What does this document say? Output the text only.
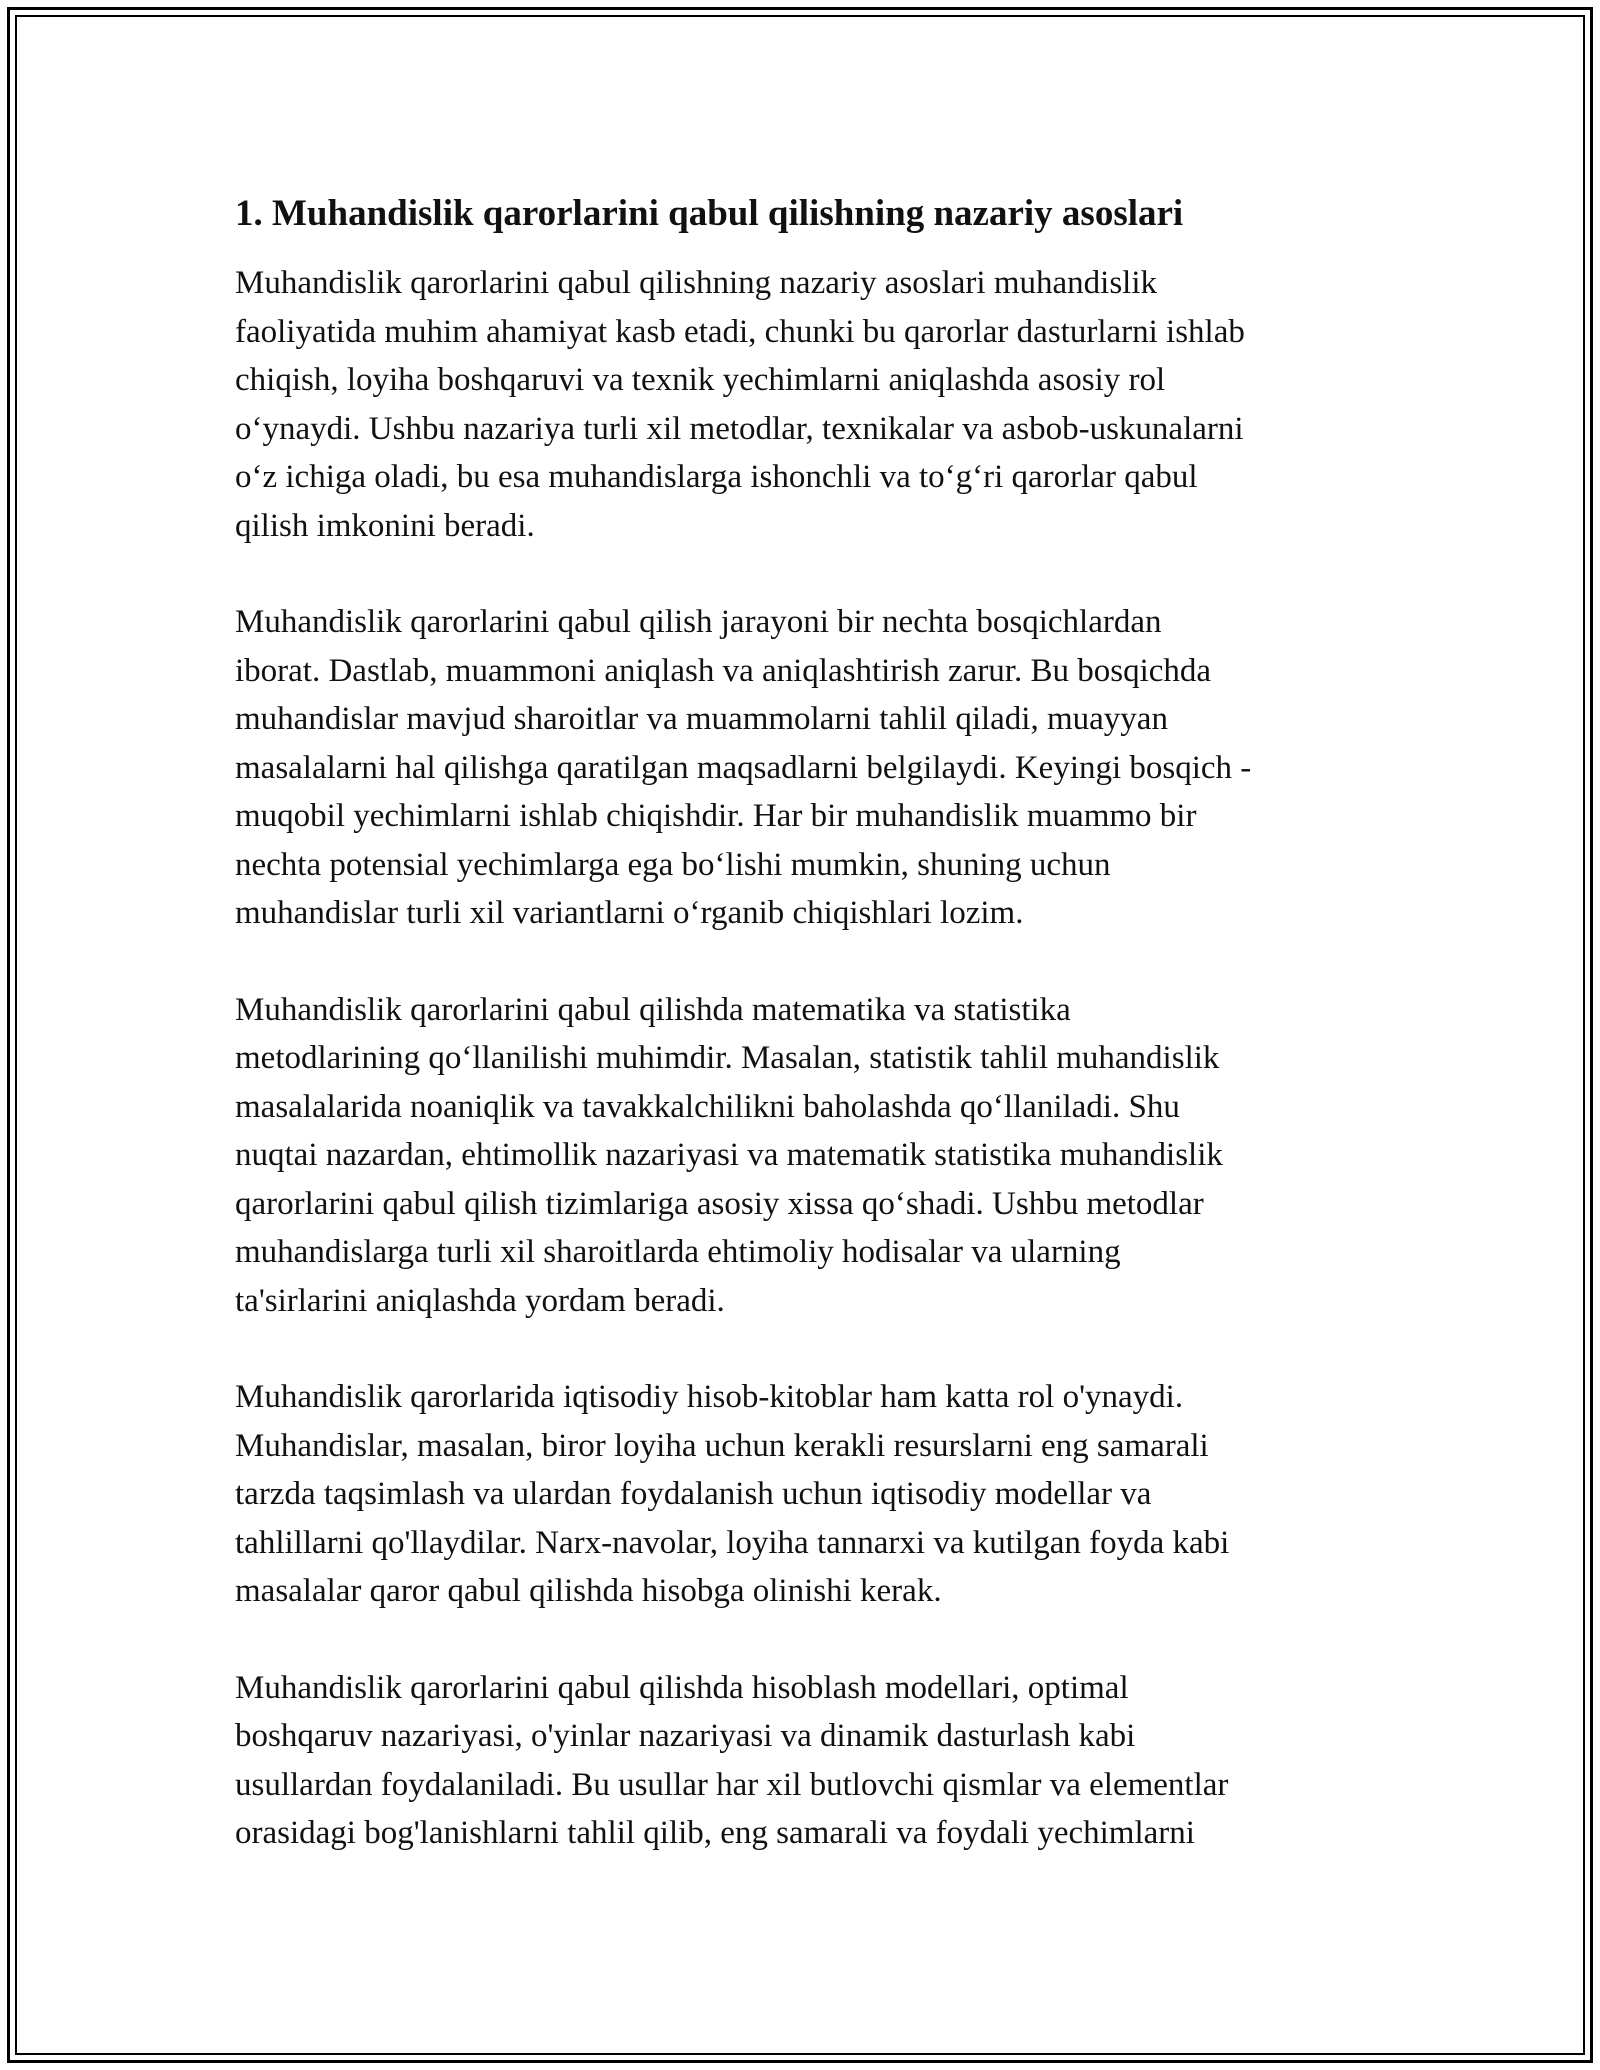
1. Muhandislik qarorlarini qabul qilishning nazariy asoslari

Muhandislik qarorlarini qabul qilishning nazariy asoslari muhandislik
faoliyatida muhim ahamiyat kasb etadi, chunki bu qarorlar dasturlarni ishlab
chiqish, loyiha boshqaruvi va texnik yechimlarni aniqlashda asosiy rol
o‘ynaydi. Ushbu nazariya turli xil metodlar, texnikalar va asbob-uskunalarni
o‘z ichiga oladi, bu esa muhandislarga ishonchli va to‘g‘ri qarorlar qabul
qilish imkonini beradi.

Muhandislik qarorlarini qabul qilish jarayoni bir nechta bosqichlardan
iborat. Dastlab, muammoni aniqlash va aniqlashtirish zarur. Bu bosqichda
muhandislar mavjud sharoitlar va muammolarni tahlil qiladi, muayyan
masalalarni hal qilishga qaratilgan maqsadlarni belgilaydi. Keyingi bosqich -
muqobil yechimlarni ishlab chiqishdir. Har bir muhandislik muammo bir
nechta potensial yechimlarga ega bo‘lishi mumkin, shuning uchun
muhandislar turli xil variantlarni o‘rganib chiqishlari lozim.

Muhandislik qarorlarini qabul qilishda matematika va statistika
metodlarining qo‘llanilishi muhimdir. Masalan, statistik tahlil muhandislik
masalalarida noaniqlik va tavakkalchilikni baholashda qo‘llaniladi. Shu
nuqtai nazardan, ehtimollik nazariyasi va matematik statistika muhandislik
qarorlarini qabul qilish tizimlariga asosiy xissa qo‘shadi. Ushbu metodlar
muhandislarga turli xil sharoitlarda ehtimoliy hodisalar va ularning
ta'sirlarini aniqlashda yordam beradi.

Muhandislik qarorlarida iqtisodiy hisob-kitoblar ham katta rol o'ynaydi.
Muhandislar, masalan, biror loyiha uchun kerakli resurslarni eng samarali
tarzda taqsimlash va ulardan foydalanish uchun iqtisodiy modellar va
tahlillarni qo'llaydilar. Narx-navolar, loyiha tannarxi va kutilgan foyda kabi
masalalar qaror qabul qilishda hisobga olinishi kerak.

Muhandislik qarorlarini qabul qilishda hisoblash modellari, optimal
boshqaruv nazariyasi, o'yinlar nazariyasi va dinamik dasturlash kabi
usullardan foydalaniladi. Bu usullar har xil butlovchi qismlar va elementlar
orasidagi bog'lanishlarni tahlil qilib, eng samarali va foydali yechimlarni
